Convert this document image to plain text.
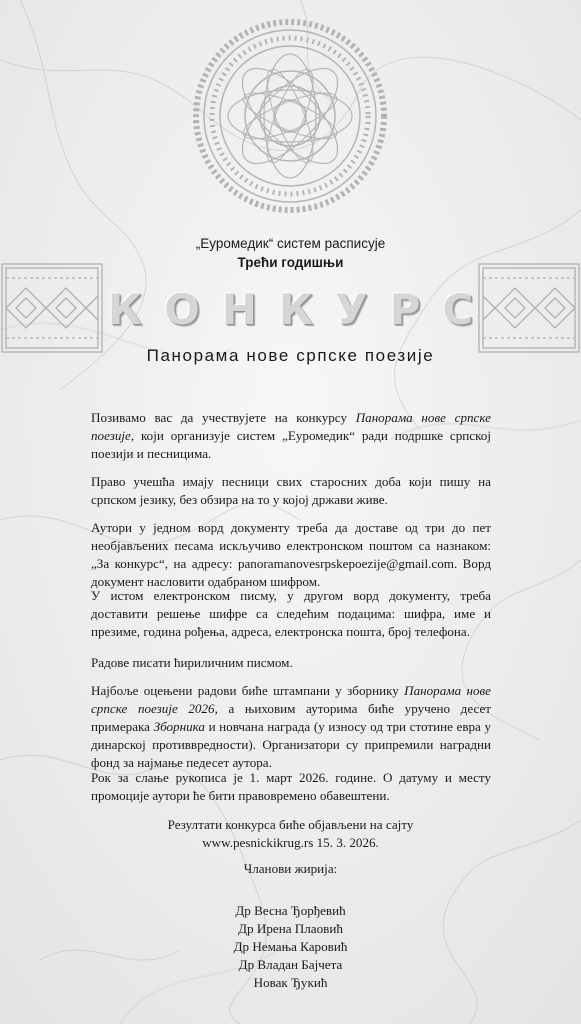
„Еуромедик“ систем расписује
Трећи годишњи
КОНКУРС
Панорама нове српске поезије

Позивамо вас да учествујете на конкурсу Панорама нове српске поезије, који организује систем „Еуромедик“ ради подршке српској поезији и песницима.

Право учешћа имају песници свих старосних доба који пишу на српском језику, без обзира на то у којој држави живе.

Аутори у једном ворд документу треба да доставе од три до пет необјављених песама искључиво електронском поштом са назнаком: „За конкурс“, на адресу: panoramanovesrpskepoezije@gmail.com. Ворд документ насловити одабраном шифром.

У истом електронском писму, у другом ворд документу, треба доставити решење шифре са следећим подацима: шифра, име и презиме, година рођења, адреса, електронска пошта, број телефона.

Радове писати ћириличним писмом.

Најбоље оцењени радови биће штампани у зборнику Панорама нове српске поезије 2026, а њиховим ауторима биће уручено десет примерака Зборника и новчана награда (у износу од три стотине евра у динарској противвредности). Организатори су припремили наградни фонд за најмање педесет аутора.

Рок за слање рукописа је 1. март 2026. године. О датуму и месту промоције аутори ће бити правовремено обавештени.

Резултати конкурса биће објављени на сајту
www.pesnickikrug.rs 15. 3. 2026.
Чланови жирија:
Др Весна Ђорђевић
Др Ирена Плаовић
Др Немања Каровић
Др Владан Бајчета
Новак Ђукић
